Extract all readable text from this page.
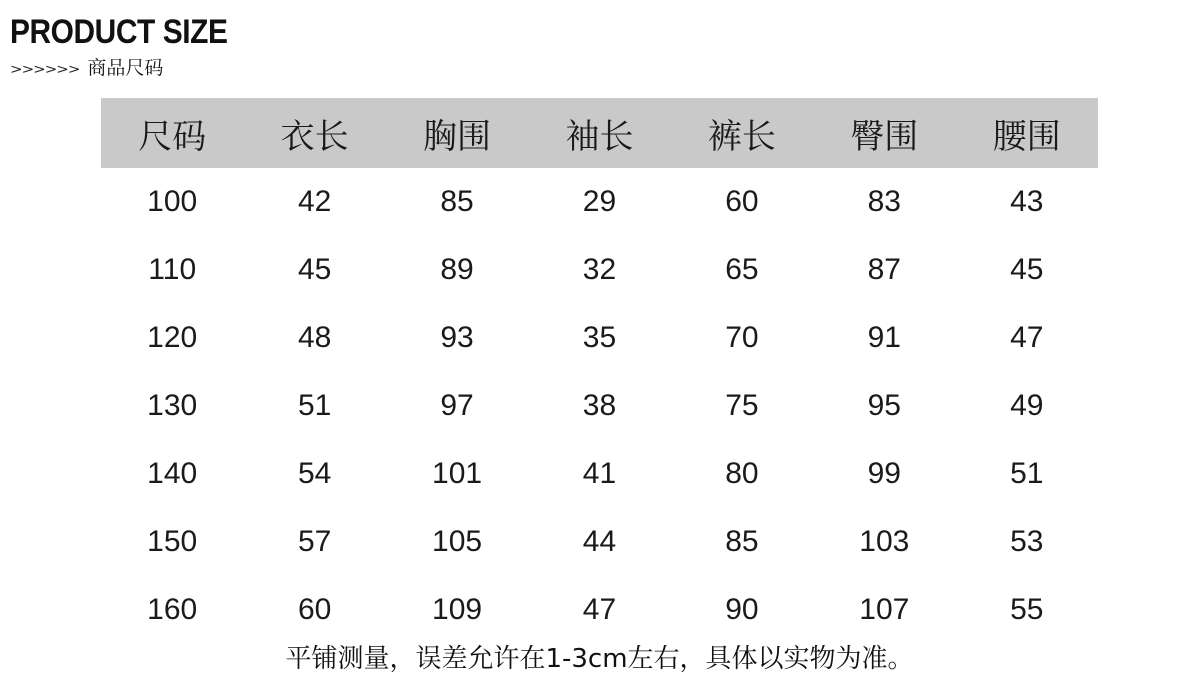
PRODUCT SIZE
>>>>>> 商品尺码
尺码	衣长	胸围	袖长	裤长	臀围	腰围
100	42	85	29	60	83	43
110	45	89	32	65	87	45
120	48	93	35	70	91	47
130	51	97	38	75	95	49
140	54	101	41	80	99	51
150	57	105	44	85	103	53
160	60	109	47	90	107	55
平铺测量，误差允许在1-3cm左右，具体以实物为准。
